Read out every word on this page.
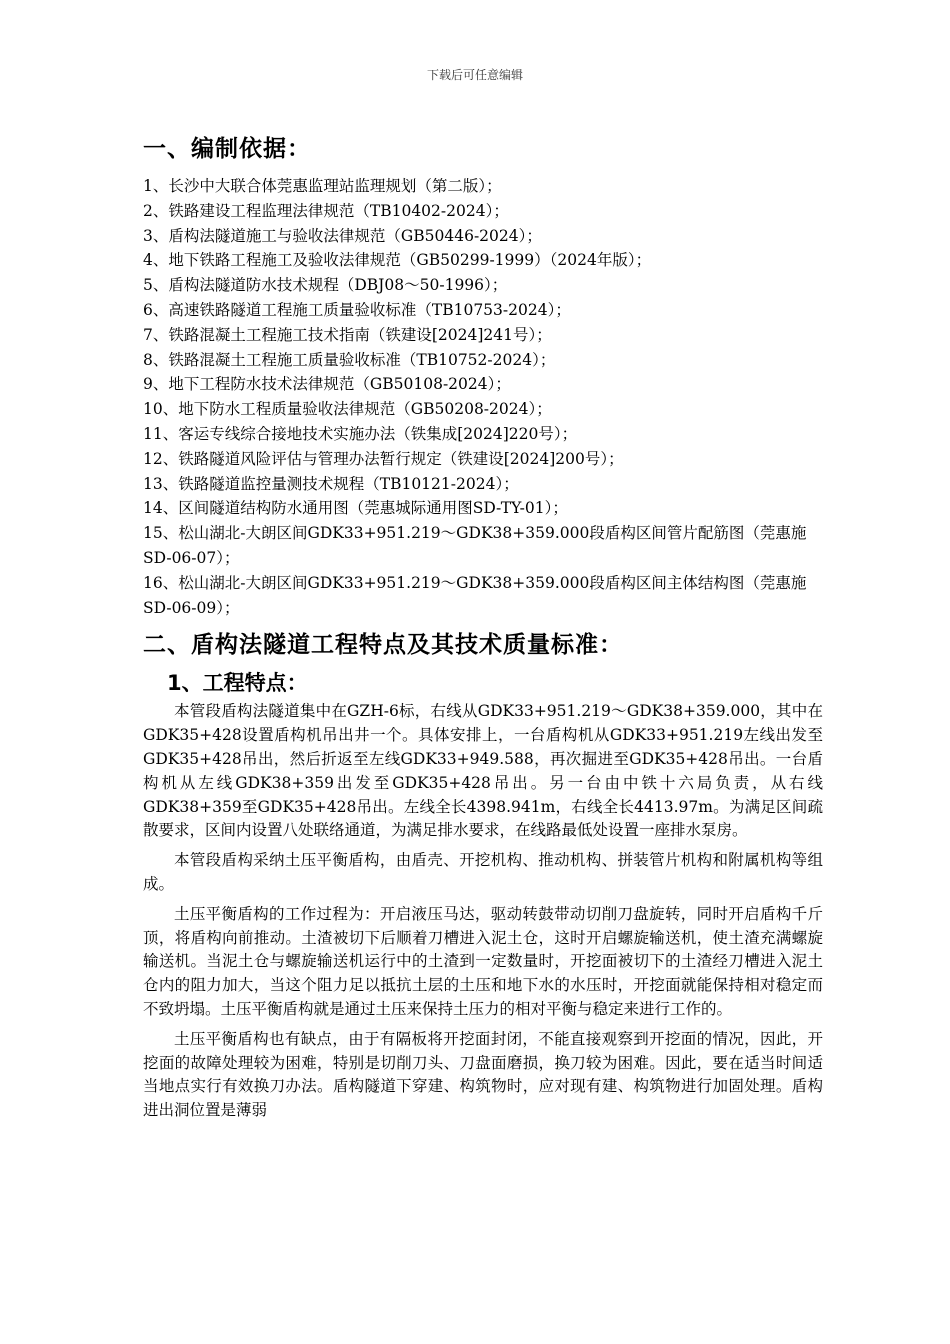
下载后可任意编辑
一、编制依据：
1、长沙中大联合体莞惠监理站监理规划（第二版）；
2、铁路建设工程监理法律规范（TB10402-2024）；
3、盾构法隧道施工与验收法律规范（GB50446-2024）；
4、地下铁路工程施工及验收法律规范（GB50299-1999）（2024年版）；
5、盾构法隧道防水技术规程（DBJ08～50-1996）；
6、高速铁路隧道工程施工质量验收标准（TB10753-2024）；
7、铁路混凝土工程施工技术指南（铁建设[2024]241号）；
8、铁路混凝土工程施工质量验收标准（TB10752-2024）；
9、地下工程防水技术法律规范（GB50108-2024）；
10、地下防水工程质量验收法律规范（GB50208-2024）；
11、客运专线综合接地技术实施办法（铁集成[2024]220号）；
12、铁路隧道风险评估与管理办法暂行规定（铁建设[2024]200号）；
13、铁路隧道监控量测技术规程（TB10121-2024）；
14、区间隧道结构防水通用图（莞惠城际通用图SD-TY-01）；
15、松山湖北-大朗区间GDK33+951.219～GDK38+359.000段盾构区间管片配筋图（莞惠施SD-06-07）；
16、松山湖北-大朗区间GDK33+951.219～GDK38+359.000段盾构区间主体结构图（莞惠施SD-06-09）；
二、盾构法隧道工程特点及其技术质量标准：
1、工程特点：

本管段盾构法隧道集中在GZH-6标，右线从GDK33+951.219～GDK38+359.000，其中在GDK35+428设置盾构机吊出井一个。具体安排上，一台盾构机从GDK33+951.219左线出发至GDK35+428吊出，然后折返至左线GDK33+949.588，再次掘进至GDK35+428吊出。一台盾构机从左线GDK38+359出发至GDK35+428吊出。另一台由中铁十六局负责，从右线GDK38+359至GDK35+428吊出。左线全长4398.941m，右线全长4413.97m。为满足区间疏散要求，区间内设置八处联络通道，为满足排水要求，在线路最低处设置一座排水泵房。

本管段盾构采纳土压平衡盾构，由盾壳、开挖机构、推动机构、拼装管片机构和附属机构等组成。

土压平衡盾构的工作过程为：开启液压马达，驱动转鼓带动切削刀盘旋转，同时开启盾构千斤顶，将盾构向前推动。土渣被切下后顺着刀槽进入泥土仓，这时开启螺旋输送机，使土渣充满螺旋输送机。当泥土仓与螺旋输送机运行中的土渣到一定数量时，开挖面被切下的土渣经刀槽进入泥土仓内的阻力加大，当这个阻力足以抵抗土层的土压和地下水的水压时，开挖面就能保持相对稳定而不致坍塌。土压平衡盾构就是通过土压来保持土压力的相对平衡与稳定来进行工作的。

土压平衡盾构也有缺点，由于有隔板将开挖面封闭，不能直接观察到开挖面的情况，因此，开挖面的故障处理较为困难，特别是切削刀头、刀盘面磨损，换刀较为困难。因此，要在适当时间适当地点实行有效换刀办法。盾构隧道下穿建、构筑物时，应对现有建、构筑物进行加固处理。盾构进出洞位置是薄弱
